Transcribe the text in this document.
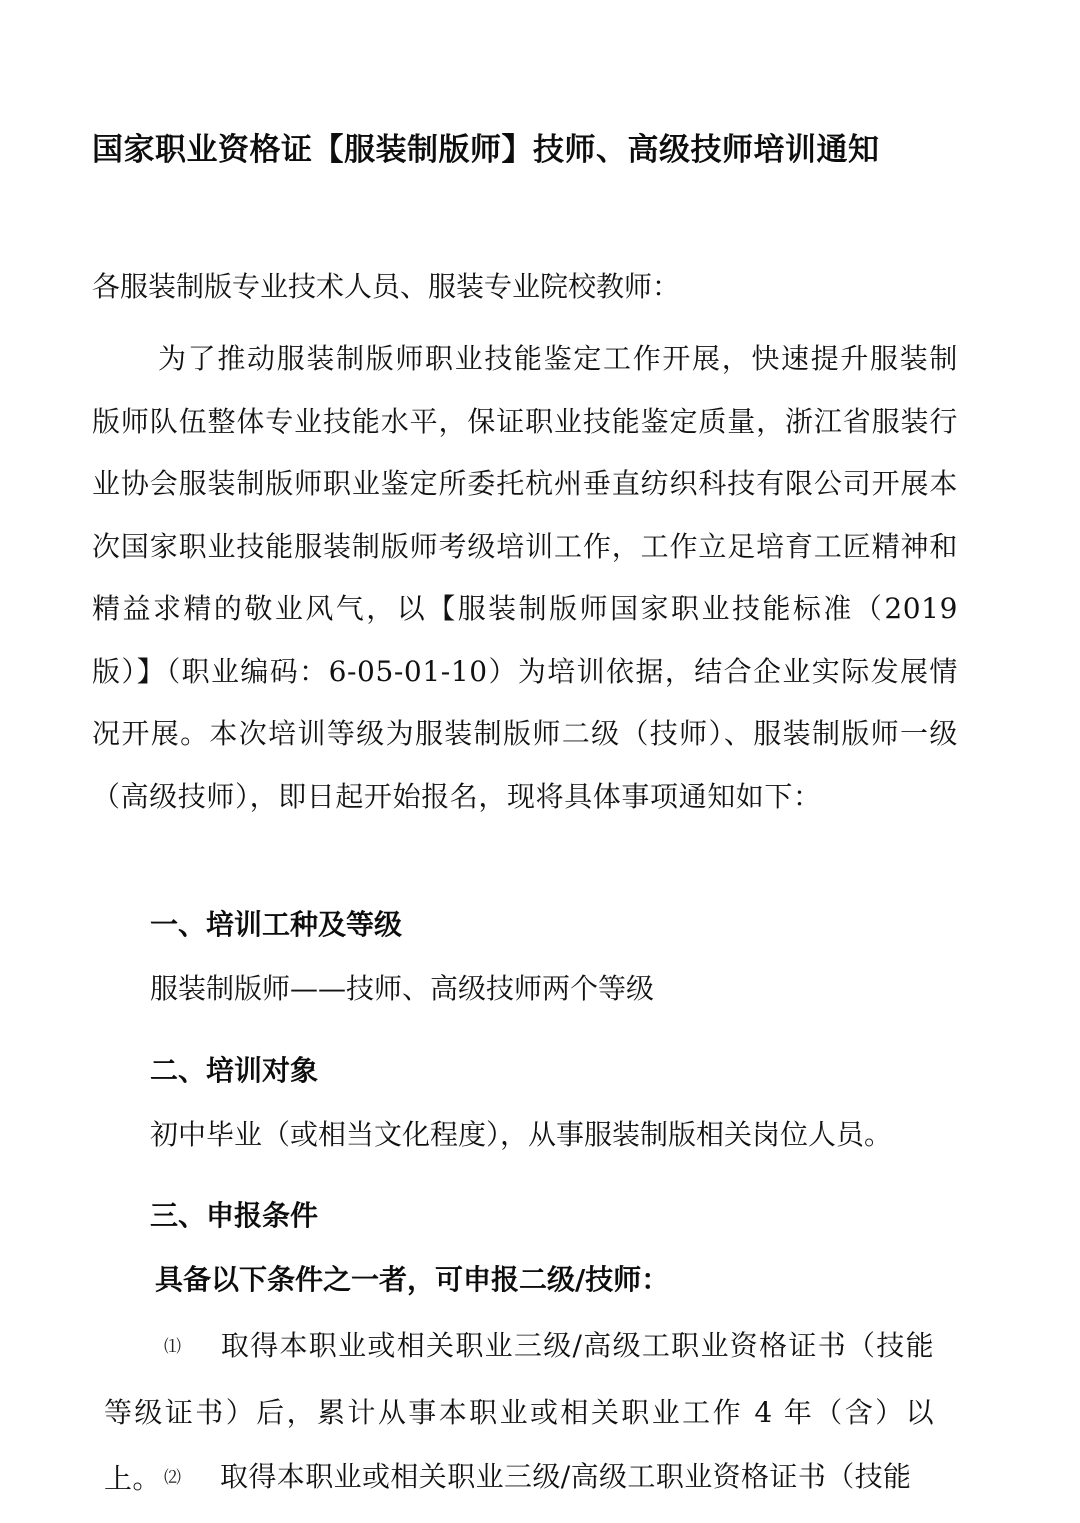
国家职业资格证【服装制版师】技师、高级技师培训通知
各服装制版专业技术人员、服装专业院校教师：
为了推动服装制版师职业技能鉴定工作开展，快速提升服装制版师队伍整体专业技能水平，保证职业技能鉴定质量，浙江省服装行业协会服装制版师职业鉴定所委托杭州垂直纺织科技有限公司开展本次国家职业技能服装制版师考级培训工作，工作立足培育工匠精神和精益求精的敬业风气，以【服装制版师国家职业技能标准（2019版）】（职业编码：6-05-01-10）为培训依据，结合企业实际发展情况开展。本次培训等级为服装制版师二级（技师）、服装制版师一级（高级技师），即日起开始报名，现将具体事项通知如下：
一、培训工种及等级
服装制版师——技师、高级技师两个等级
二、培训对象
初中毕业（或相当文化程度），从事服装制版相关岗位人员。
三、申报条件
具备以下条件之一者，可申报二级/技师：
⑴ 取得本职业或相关职业三级/高级工职业资格证书（技能等级证书）后，累计从事本职业或相关职业工作 4 年（含）以上。 ⑵ 取得本职业或相关职业三级/高级工职业资格证书（技能
